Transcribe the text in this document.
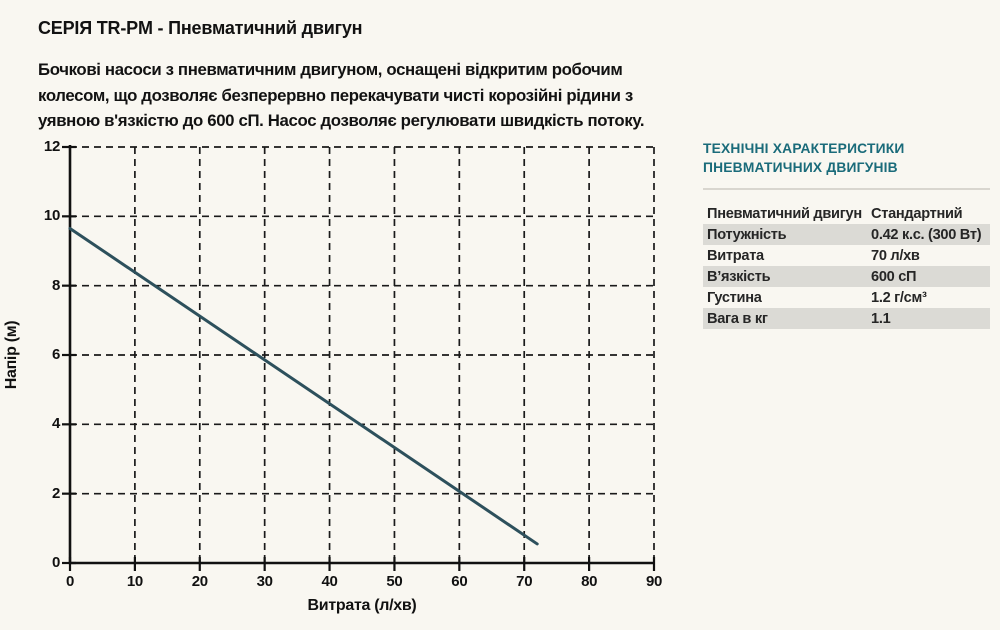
СЕРІЯ TR-PM - Пневматичний двигун
Бочкові насоси з пневматичним двигуном, оснащені відкритим робочим колесом, що дозволяє безперервно перекачувати чисті корозійні рідини з уявною в'язкістю до 600 сП. Насос дозволяє регулювати швидкість потоку.
0	10	20	30	40	50	60	70	80	90
0
2
4
6
8
10
12
Витрата (л/хв)
Напір (м)
ТЕХНІЧНІ ХАРАКТЕРИСТИКИ
ПНЕВМАТИЧНИХ ДВИГУНІВ
Пневматичний двигун	Стандартний
Потужність	0.42 к.с. (300 Вт)
Витрата	70 л/хв
В’язкість	600 сП
Густина	1.2 г/см³
Вага в кг	1.1
